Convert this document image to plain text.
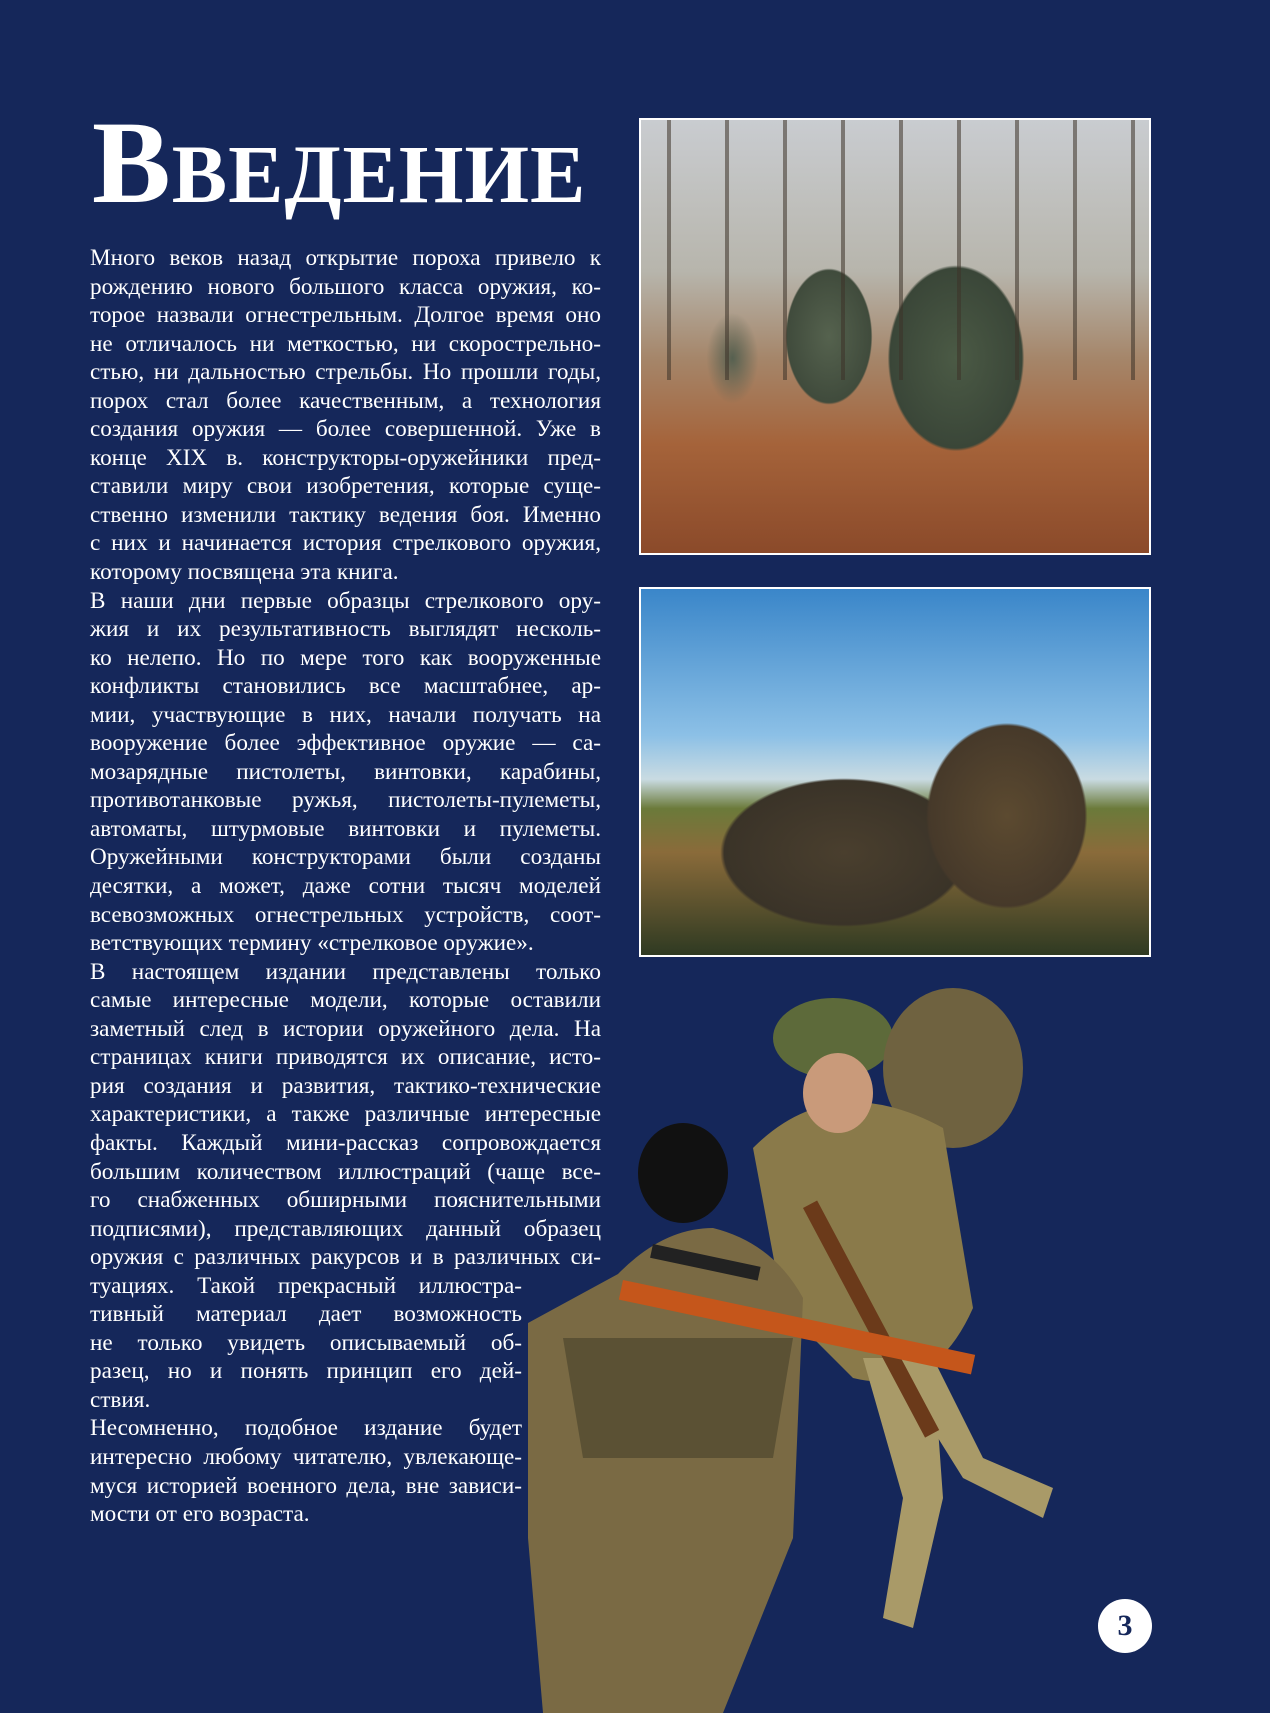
Введение
Много веков назад открытие пороха привело к
рождению нового большого класса оружия, ко-
торое назвали огнестрельным. Долгое время оно
не отличалось ни меткостью, ни скорострельно-
стью, ни дальностью стрельбы. Но прошли годы,
порох стал более качественным, а технология
создания оружия — более совершенной. Уже в
конце XIX в. конструкторы-оружейники пред-
ставили миру свои изобретения, которые суще-
ственно изменили тактику ведения боя. Именно
с них и начинается история стрелкового оружия,
которому посвящена эта книга.
В наши дни первые образцы стрелкового ору-
жия и их результативность выглядят несколь-
ко нелепо. Но по мере того как вооруженные
конфликты становились все масштабнее, ар-
мии, участвующие в них, начали получать на
вооружение более эффективное оружие — са-
мозарядные пистолеты, винтовки, карабины,
противотанковые ружья, пистолеты-пулеметы,
автоматы, штурмовые винтовки и пулеметы.
Оружейными конструкторами были созданы
десятки, а может, даже сотни тысяч моделей
всевозможных огнестрельных устройств, соот-
ветствующих термину «стрелковое оружие».
В настоящем издании представлены только
самые интересные модели, которые оставили
заметный след в истории оружейного дела. На
страницах книги приводятся их описание, исто-
рия создания и развития, тактико-технические
характеристики, а также различные интересные
факты. Каждый мини-рассказ сопровождается
большим количеством иллюстраций (чаще все-
го снабженных обширными пояснительными
подписями), представляющих данный образец
оружия с различных ракурсов и в различных си-
туациях. Такой прекрасный иллюстра-
тивный материал дает возможность
не только увидеть описываемый об-
разец, но и понять принцип его дей-
ствия.
Несомненно, подобное издание будет
интересно любому читателю, увлекающе-
муся историей военного дела, вне зависи-
мости от его возраста.
3
